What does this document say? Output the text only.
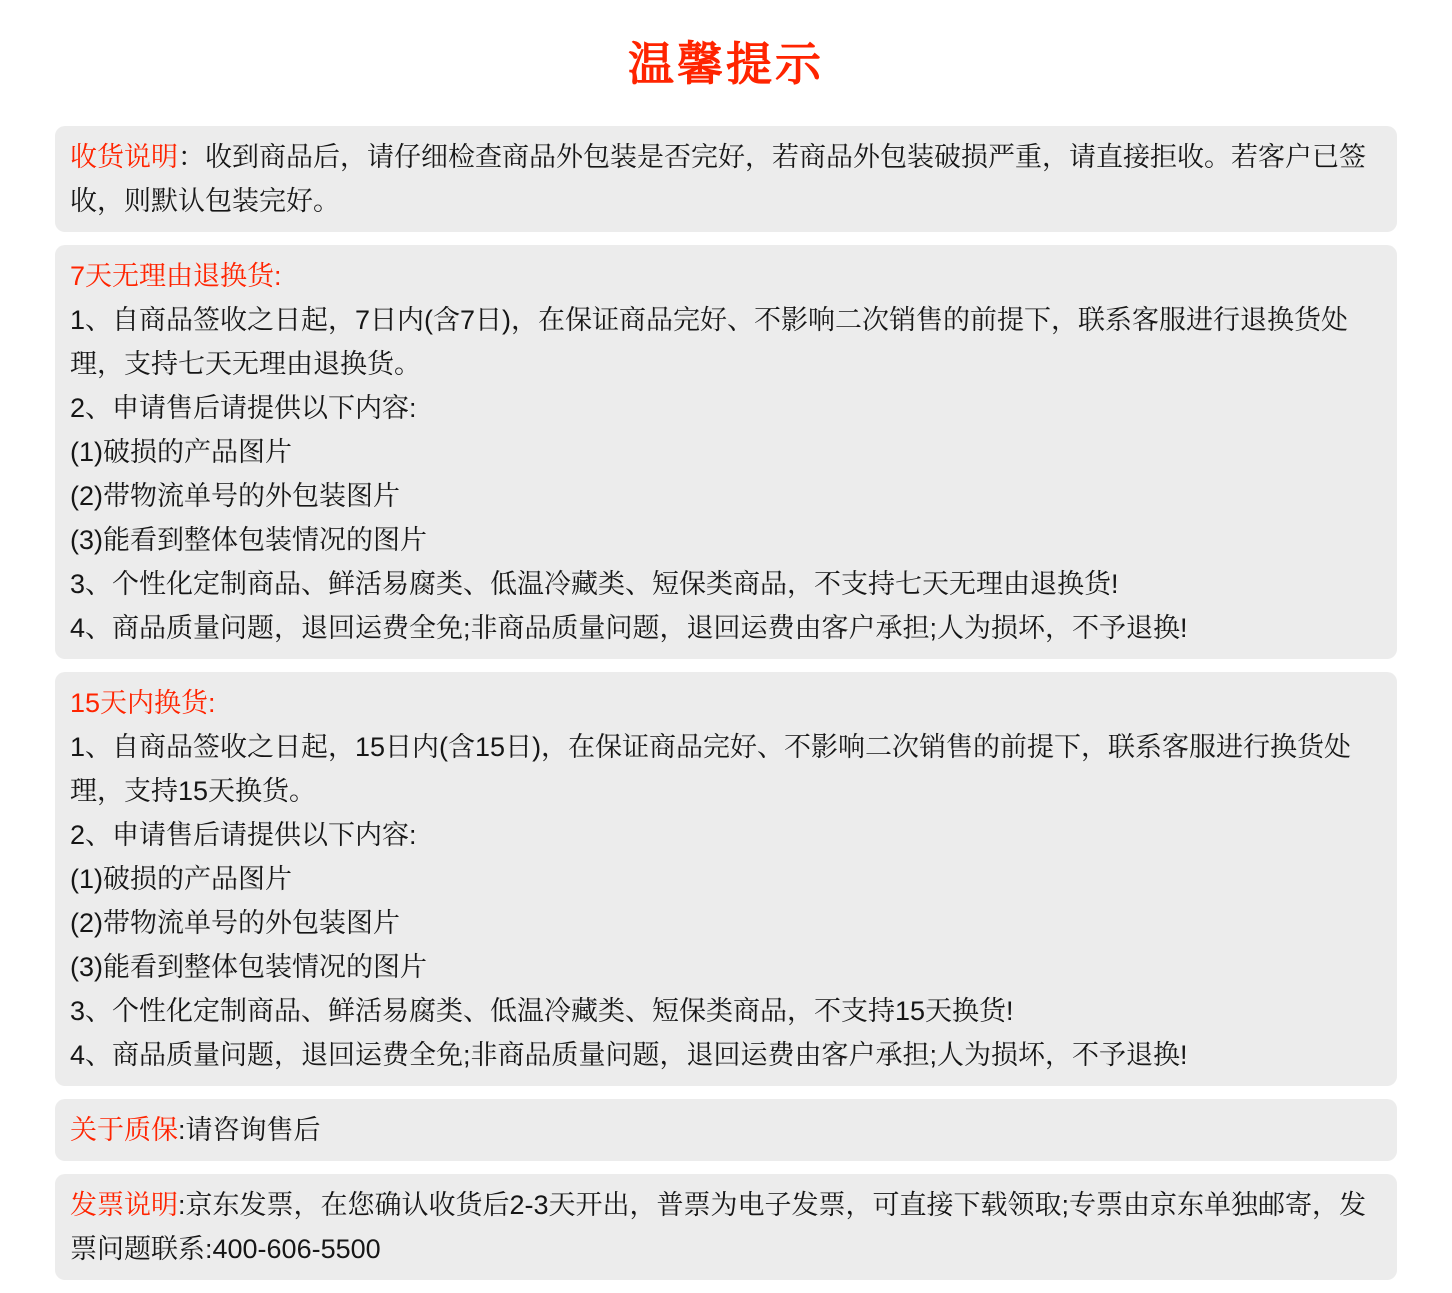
温馨提示
收货说明：收到商品后，请仔细检查商品外包装是否完好，若商品外包装破损严重，请直接拒收。若客户已签收，则默认包装完好。
7天无理由退换货:
1、自商品签收之日起，7日内(含7日)，在保证商品完好、不影响二次销售的前提下，联系客服进行退换货处理，支持七天无理由退换货。
2、申请售后请提供以下内容:
(1)破损的产品图片
(2)带物流单号的外包装图片
(3)能看到整体包装情况的图片
3、个性化定制商品、鲜活易腐类、低温冷藏类、短保类商品，不支持七天无理由退换货!
4、商品质量问题，退回运费全免;非商品质量问题，退回运费由客户承担;人为损坏，不予退换!
15天内换货:
1、自商品签收之日起，15日内(含15日)，在保证商品完好、不影响二次销售的前提下，联系客服进行换货处理，支持15天换货。
2、申请售后请提供以下内容:
(1)破损的产品图片
(2)带物流单号的外包装图片
(3)能看到整体包装情况的图片
3、个性化定制商品、鲜活易腐类、低温冷藏类、短保类商品，不支持15天换货!
4、商品质量问题，退回运费全免;非商品质量问题，退回运费由客户承担;人为损坏，不予退换!
关于质保:请咨询售后
发票说明:京东发票，在您确认收货后2-3天开出，普票为电子发票，可直接下载领取;专票由京东单独邮寄，发票问题联系:400-606-5500
